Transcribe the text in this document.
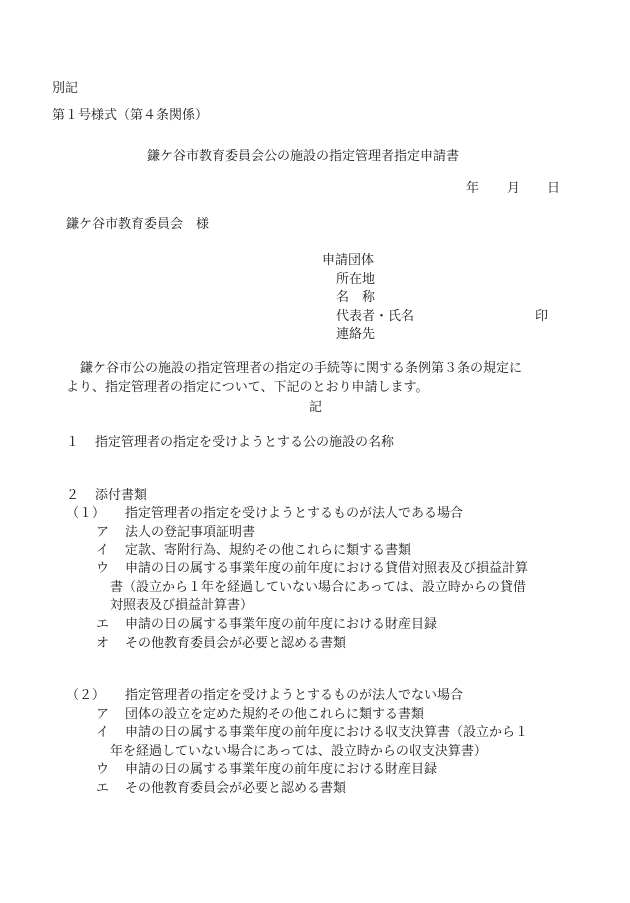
別記
第１号様式（第４条関係）
鎌ケ谷市教育委員会公の施設の指定管理者指定申請書
年 月 日
鎌ケ谷市教育委員会　様
申請団体
所在地
名　称
代表者・氏名	印
連絡先
鎌ケ谷市公の施設の指定管理者の指定の手続等に関する条例第３条の規定に
より、指定管理者の指定について、下記のとおり申請します。
記
１ 指定管理者の指定を受けようとする公の施設の名称
２ 添付書類
（１） 指定管理者の指定を受けようとするものが法人である場合
ア 法人の登記事項証明書
イ 定款、寄附行為、規約その他これらに類する書類
ウ 申請の日の属する事業年度の前年度における貸借対照表及び損益計算
書（設立から１年を経過していない場合にあっては、設立時からの貸借
対照表及び損益計算書）
エ 申請の日の属する事業年度の前年度における財産目録
オ その他教育委員会が必要と認める書類
（２） 指定管理者の指定を受けようとするものが法人でない場合
ア 団体の設立を定めた規約その他これらに類する書類
イ 申請の日の属する事業年度の前年度における収支決算書（設立から１
年を経過していない場合にあっては、設立時からの収支決算書）
ウ 申請の日の属する事業年度の前年度における財産目録
エ その他教育委員会が必要と認める書類
